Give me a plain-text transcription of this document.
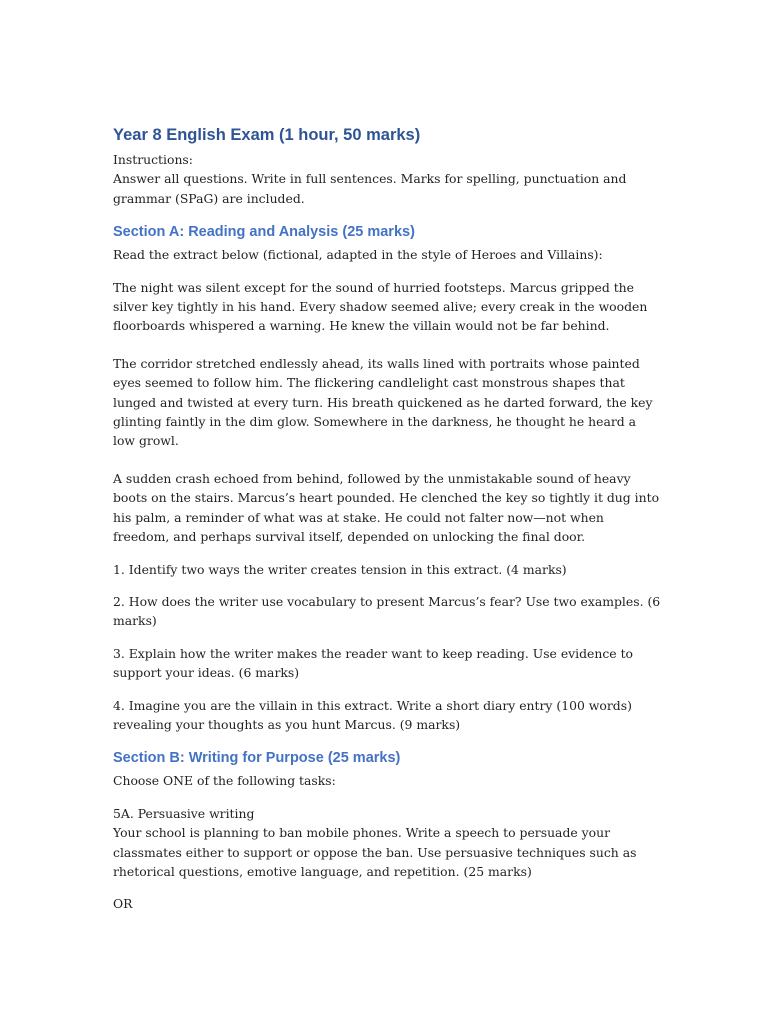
Year 8 English Exam (1 hour, 50 marks)

Instructions:

Answer all questions. Write in full sentences. Marks for spelling, punctuation and grammar (SPaG) are included.

Section A: Reading and Analysis (25 marks)

Read the extract below (fictional, adapted in the style of Heroes and Villains):

The night was silent except for the sound of hurried footsteps. Marcus gripped the silver key tightly in his hand. Every shadow seemed alive; every creak in the wooden floorboards whispered a warning. He knew the villain would not be far behind.

The corridor stretched endlessly ahead, its walls lined with portraits whose painted eyes seemed to follow him. The flickering candlelight cast monstrous shapes that lunged and twisted at every turn. His breath quickened as he darted forward, the key glinting faintly in the dim glow. Somewhere in the darkness, he thought he heard a low growl.

A sudden crash echoed from behind, followed by the unmistakable sound of heavy boots on the stairs. Marcus’s heart pounded. He clenched the key so tightly it dug into his palm, a reminder of what was at stake. He could not falter now—not when freedom, and perhaps survival itself, depended on unlocking the final door.

1. Identify two ways the writer creates tension in this extract. (4 marks)

2. How does the writer use vocabulary to present Marcus’s fear? Use two examples. (6 marks)

3. Explain how the writer makes the reader want to keep reading. Use evidence to support your ideas. (6 marks)

4. Imagine you are the villain in this extract. Write a short diary entry (100 words) revealing your thoughts as you hunt Marcus. (9 marks)

Section B: Writing for Purpose (25 marks)

Choose ONE of the following tasks:

5A. Persuasive writing

Your school is planning to ban mobile phones. Write a speech to persuade your classmates either to support or oppose the ban. Use persuasive techniques such as rhetorical questions, emotive language, and repetition. (25 marks)

OR
